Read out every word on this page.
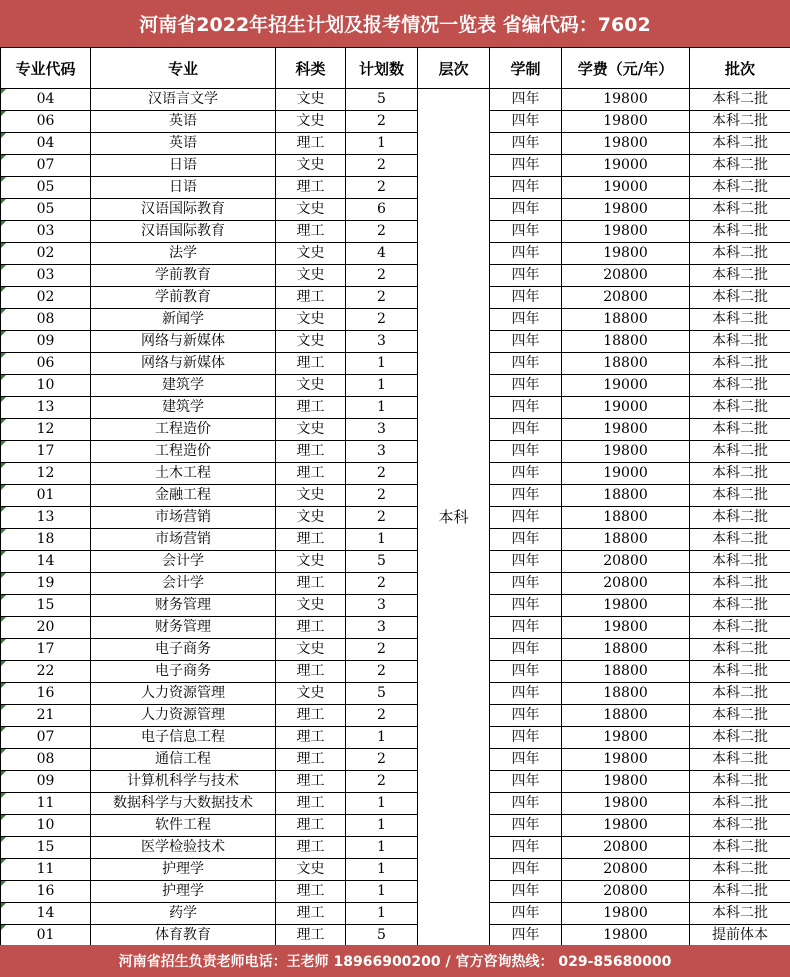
河南省2022年招生计划及报考情况一览表 省编代码：7602
专业代码	专业	科类	计划数	层次	学制	学费（元/年）	批次
04	汉语言文学	文史	5	本科	四年	19800	本科二批
06	英语	文史	2		四年	19800	本科二批
04	英语	理工	1		四年	19800	本科二批
07	日语	文史	2		四年	19000	本科二批
05	日语	理工	2		四年	19000	本科二批
05	汉语国际教育	文史	6		四年	19800	本科二批
03	汉语国际教育	理工	2		四年	19800	本科二批
02	法学	文史	4		四年	19800	本科二批
03	学前教育	文史	2		四年	20800	本科二批
02	学前教育	理工	2		四年	20800	本科二批
08	新闻学	文史	2		四年	18800	本科二批
09	网络与新媒体	文史	3		四年	18800	本科二批
06	网络与新媒体	理工	1		四年	18800	本科二批
10	建筑学	文史	1		四年	19000	本科二批
13	建筑学	理工	1		四年	19000	本科二批
12	工程造价	文史	3		四年	19800	本科二批
17	工程造价	理工	3		四年	19800	本科二批
12	土木工程	理工	2		四年	19000	本科二批
01	金融工程	文史	2		四年	18800	本科二批
13	市场营销	文史	2		四年	18800	本科二批
18	市场营销	理工	1		四年	18800	本科二批
14	会计学	文史	5		四年	20800	本科二批
19	会计学	理工	2		四年	20800	本科二批
15	财务管理	文史	3		四年	19800	本科二批
20	财务管理	理工	3		四年	19800	本科二批
17	电子商务	文史	2		四年	18800	本科二批
22	电子商务	理工	2		四年	18800	本科二批
16	人力资源管理	文史	5		四年	18800	本科二批
21	人力资源管理	理工	2		四年	18800	本科二批
07	电子信息工程	理工	1		四年	19800	本科二批
08	通信工程	理工	2		四年	19800	本科二批
09	计算机科学与技术	理工	2		四年	19800	本科二批
11	数据科学与大数据技术	理工	1		四年	19800	本科二批
10	软件工程	理工	1		四年	19800	本科二批
15	医学检验技术	理工	1		四年	20800	本科二批
11	护理学	文史	1		四年	20800	本科二批
16	护理学	理工	1		四年	20800	本科二批
14	药学	理工	1		四年	19800	本科二批
01	体育教育	理工	5		四年	19800	提前体本
河南省招生负责老师电话：王老师 18966900200 / 官方咨询热线： 029-85680000
